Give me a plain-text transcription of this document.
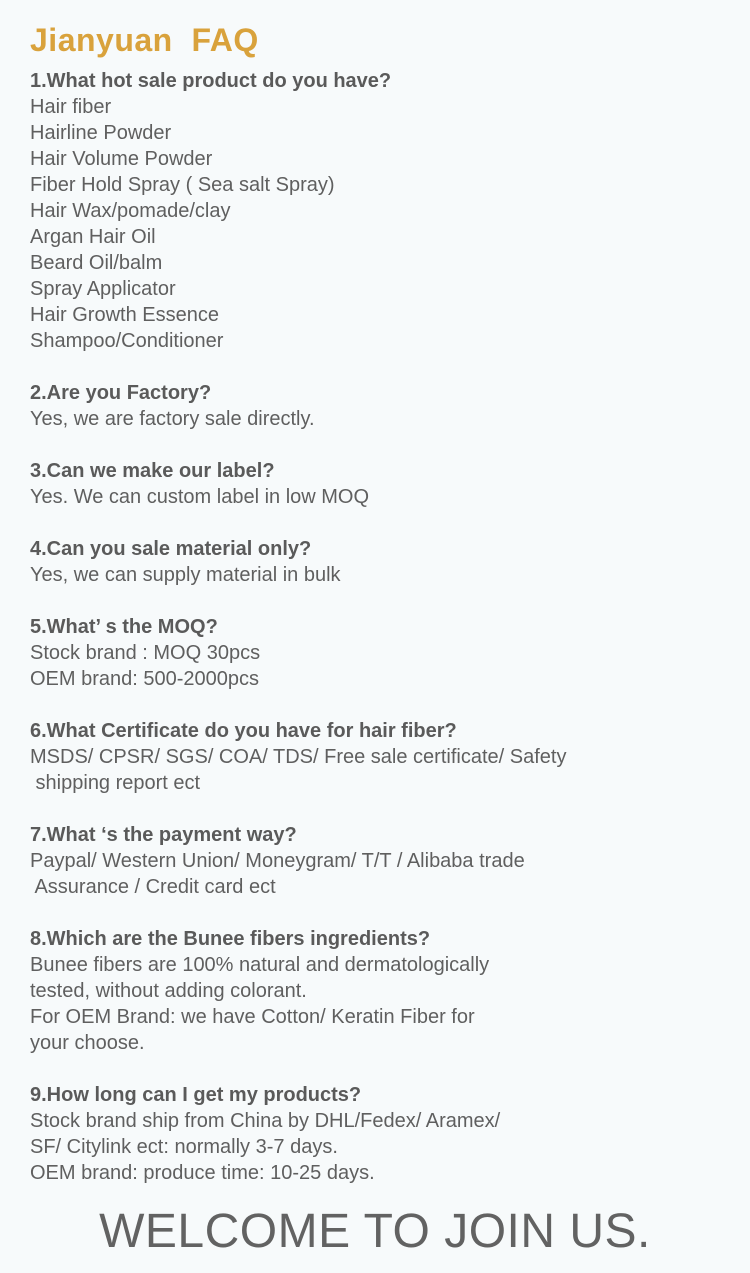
Jianyuan  FAQ
1.What hot sale product do you have?
Hair fiber
Hairline Powder
Hair Volume Powder
Fiber Hold Spray ( Sea salt Spray)
Hair Wax/pomade/clay
Argan Hair Oil
Beard Oil/balm
Spray Applicator
Hair Growth Essence
Shampoo/Conditioner
2.Are you Factory?
Yes, we are factory sale directly.
3.Can we make our label?
Yes. We can custom label in low MOQ
4.Can you sale material only?
Yes, we can supply material in bulk
5.What’ s the MOQ?
Stock brand : MOQ 30pcs
OEM brand: 500-2000pcs
6.What Certificate do you have for hair fiber?
MSDS/ CPSR/ SGS/ COA/ TDS/ Free sale certificate/ Safety
shipping report ect
7.What ‘s the payment way?
Paypal/ Western Union/ Moneygram/ T/T / Alibaba trade
Assurance / Credit card ect
8.Which are the Bunee fibers ingredients?
Bunee fibers are 100% natural and dermatologically
tested, without adding colorant.
For OEM Brand: we have Cotton/ Keratin Fiber for
your choose.
9.How long can I get my products?
Stock brand ship from China by DHL/Fedex/ Aramex/
SF/ Citylink ect: normally 3-7 days.
OEM brand: produce time: 10-25 days.
WELCOME TO JOIN US.
